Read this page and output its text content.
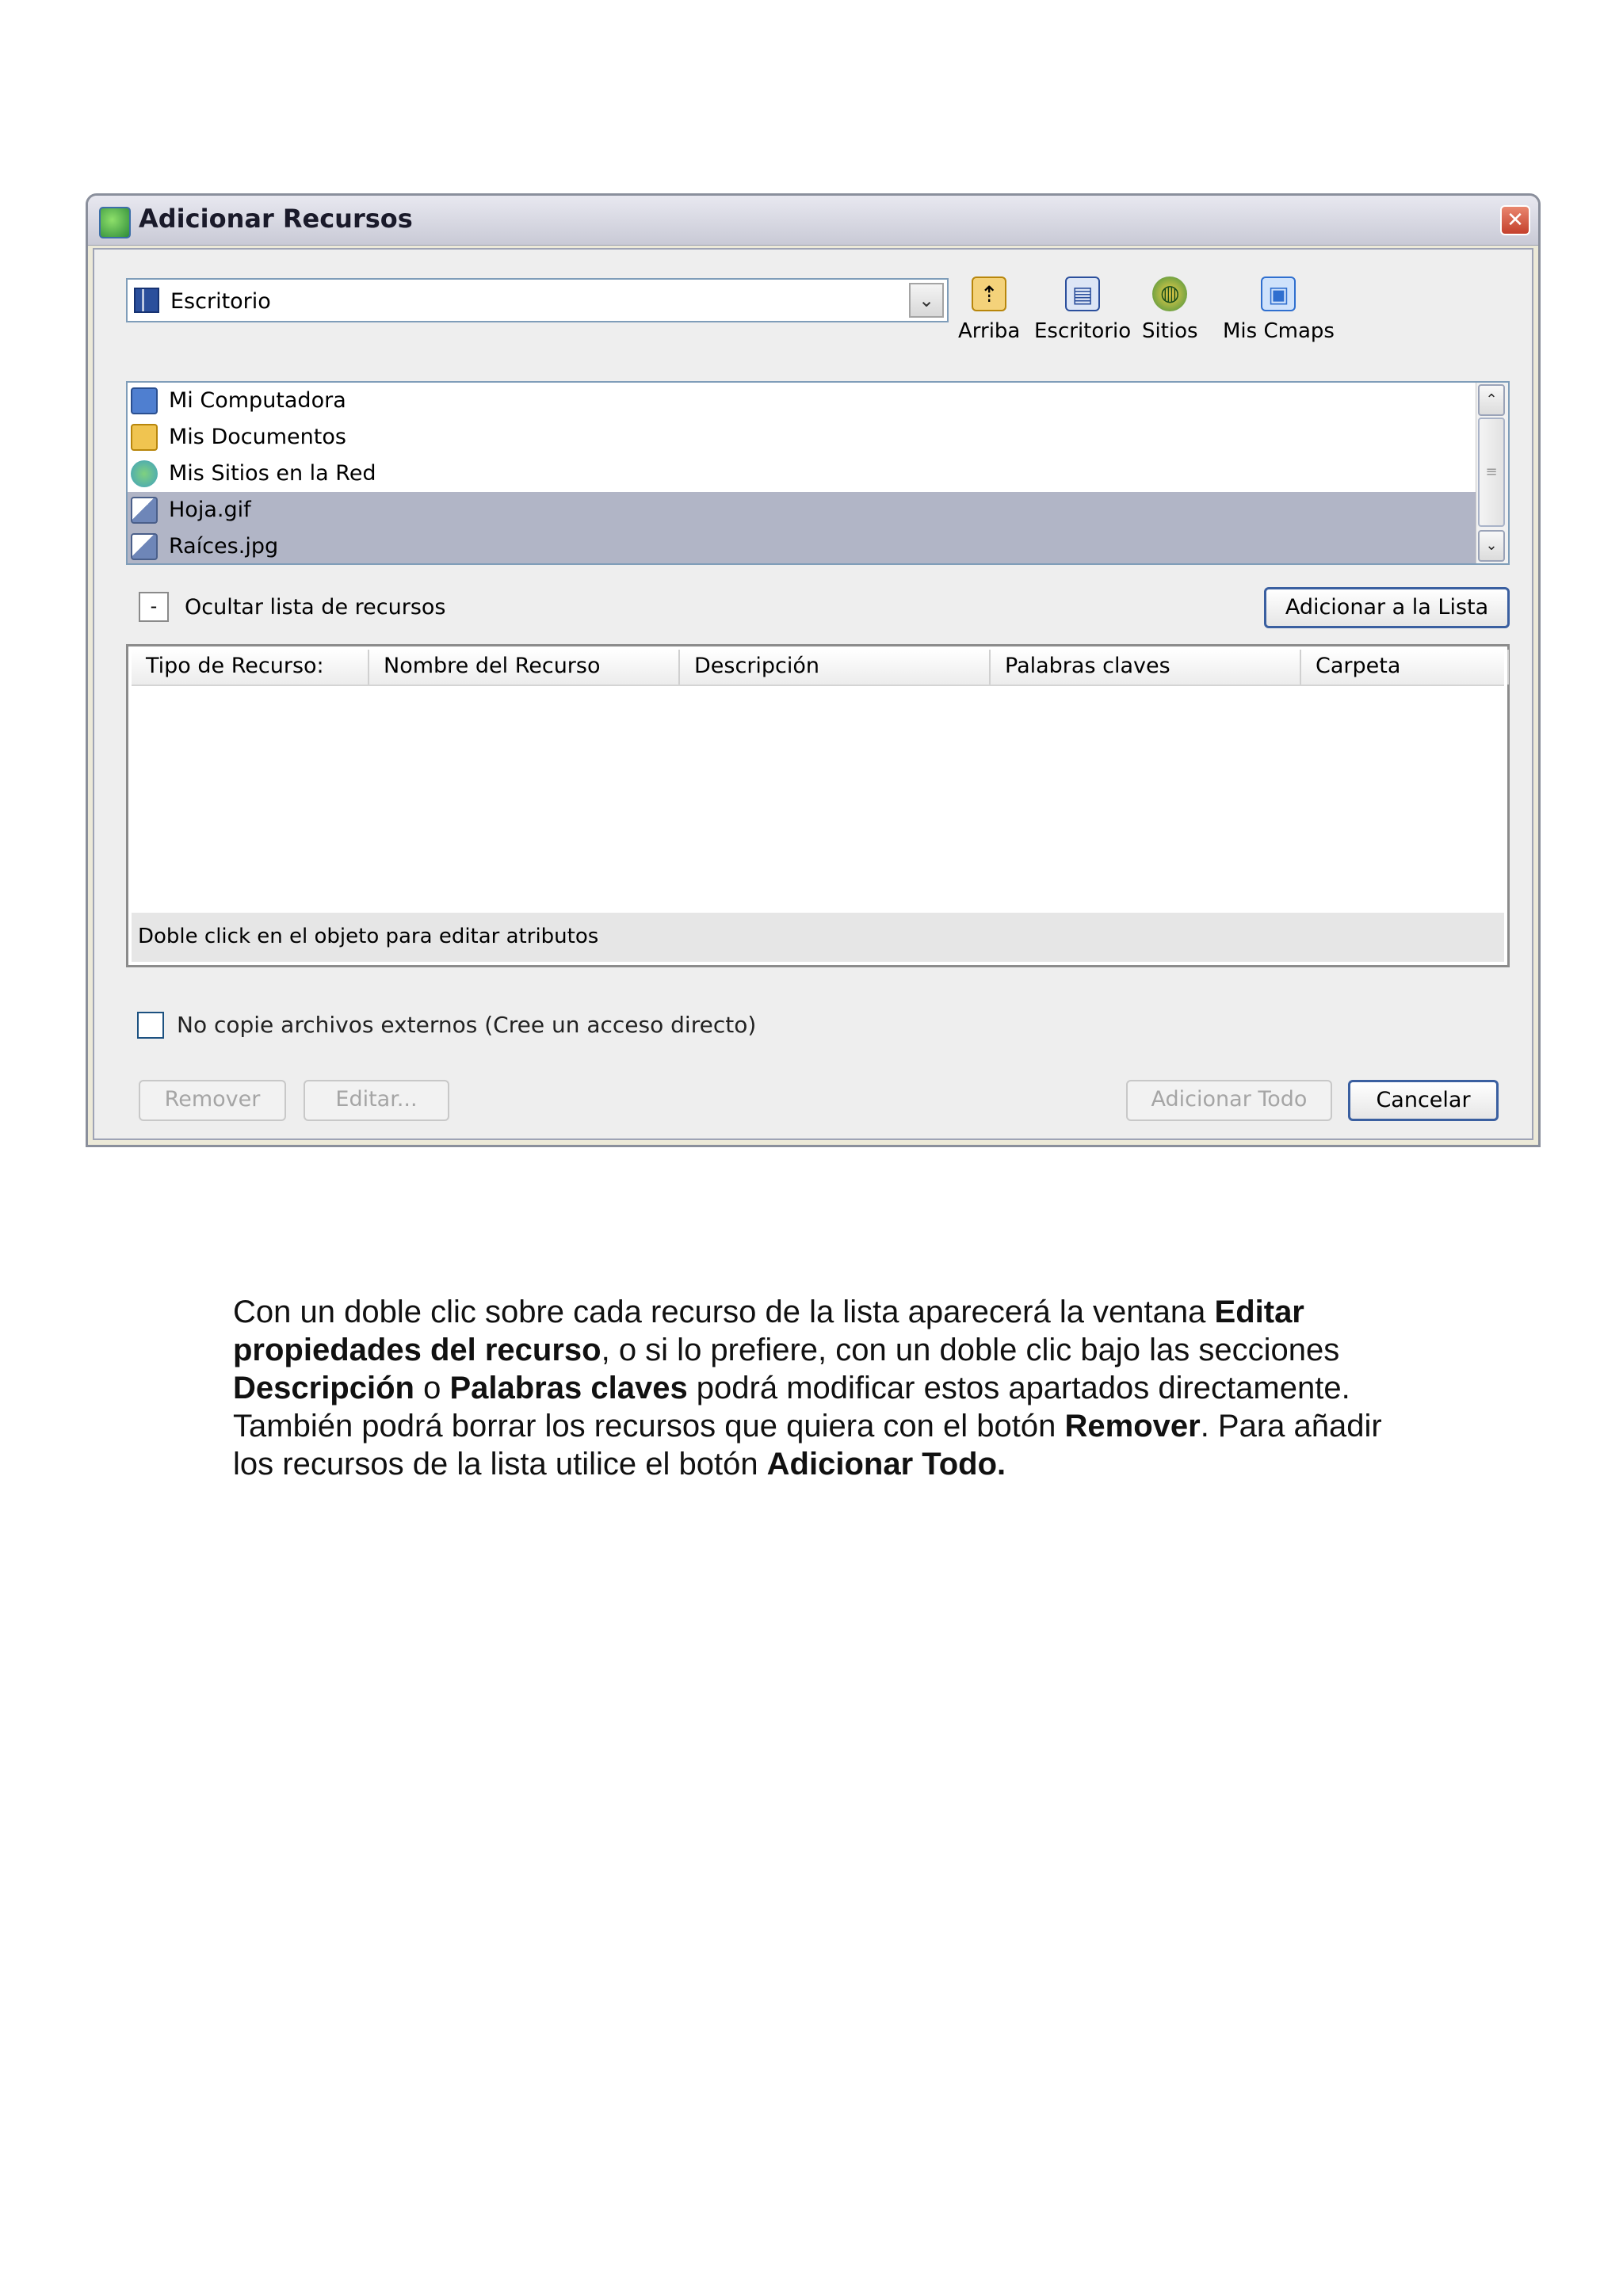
Adicionar Recursos	✕
Escritorio	⌄	⇡
Arriba
▤
Escritorio
◍
Sitios
▣
Mis Cmaps
Mi Computadora
Mis Documentos
Mis Sitios en la Red
Hoja.gif
Raíces.jpg
⌃
≡
⌄
-	Ocultar lista de recursos	Adicionar a la Lista
Tipo de Recurso:	Nombre del Recurso	Descripción	Palabras claves	Carpeta
Doble click en el objeto para editar atributos
No copie archivos externos (Cree un acceso directo)
Remover	Editar...	Adicionar Todo	Cancelar
Con un doble clic sobre cada recurso de la lista aparecerá la ventana Editar propiedades del recurso, o si lo prefiere, con un doble clic bajo las secciones Descripción o Palabras claves podrá modificar estos apartados directamente. También podrá borrar los recursos que quiera con el botón Remover. Para añadir los recursos de la lista utilice el botón Adicionar Todo.
